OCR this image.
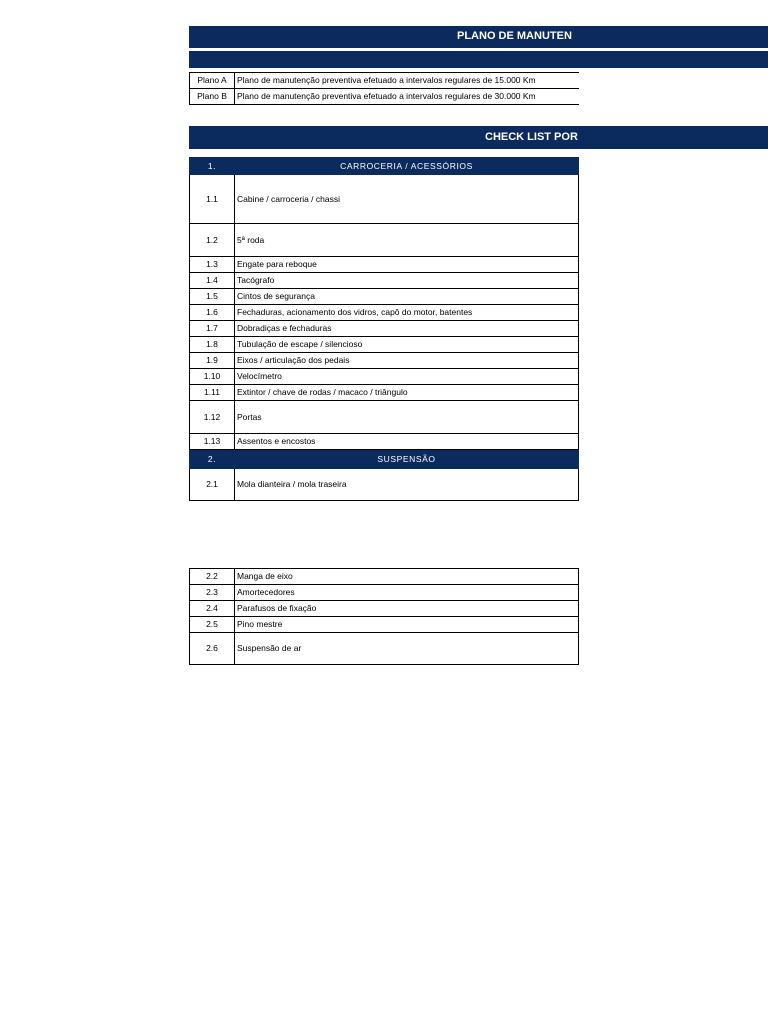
PLANO DE MANUTEN
Plano A	Plano de manutenção preventiva efetuado a intervalos regulares de 15.000 Km
Plano B	Plano de manutenção preventiva efetuado a intervalos regulares de 30.000 Km
CHECK LIST POR
1.	CARROCERIA / ACESSÓRIOS
1.1	Cabine / carroceria / chassi
1.2	5ª roda
1.3	Engate para reboque
1.4	Tacógrafo
1.5	Cintos de segurança
1.6	Fechaduras, acionamento dos vidros, capô do motor, batentes
1.7	Dobradiças e fechaduras
1.8	Tubulação de escape / silencioso
1.9	Eixos / articulação dos pedais
1.10	Velocímetro
1.11	Extintor / chave de rodas / macaco / triângulo
1.12	Portas
1.13	Assentos e encostos
2.	SUSPENSÃO
2.1	Mola dianteira / mola traseira
2.2	Manga de eixo
2.3	Amortecedores
2.4	Parafusos de fixação
2.5	Pino mestre
2.6	Suspensão de ar
